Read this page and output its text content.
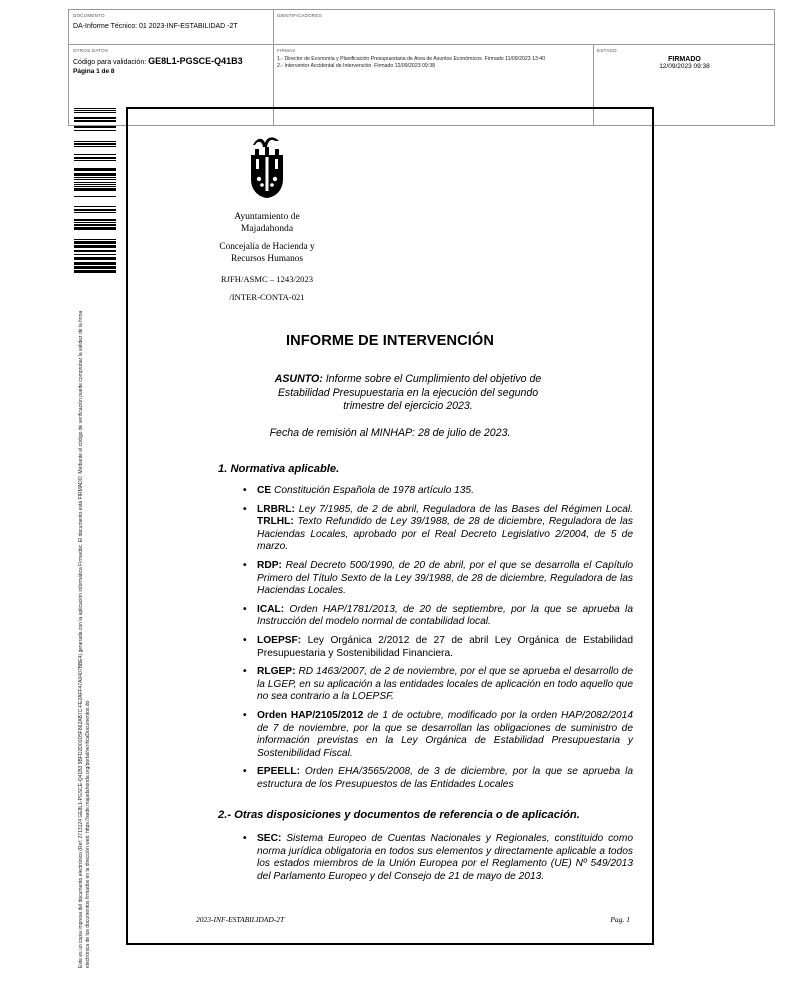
DOCUMENTO
DA-Informe Técnico: 01 2023-INF-ESTABILIDAD -2T
IDENTIFICADORES
OTROS DATOS
Código para validación: GE8L1-PGSCE-Q41B3
Página 1 de 8
FIRMAS
1.- Director de Economía y Planificación Presupuestaria de Area de Asuntos Económicos. Firmado 11/09/2023 13:40
2.- Interventor Accidental de Intervención. Firmado 12/09/2023 09:38
ESTADO
FIRMADO
12/09/2023 09:38
Este es un copia impresa del documento electrónico (Ref: 2713124 GE8L1-PGSCE-Q41B3 9BFD2D01D5F862AB7C-FE2AFF47A0407BBE4) generada con la aplicación informática Firmadoc. El documento está FIRMADO. Mediante el código de verificación puede comprobar la validez de la firma electrónica de los documentos firmados en la dirección web: https://sede.majadahonda.org/portal/verificaDocumentos.do
Ayuntamiento de
Majadahonda
Concejalía de Hacienda y
Recursos Humanos
RJFH/ASMC – 1243/2023
/INTER-CONTA-021
INFORME DE INTERVENCIÓN
ASUNTO: Informe sobre el Cumplimiento del objetivo de Estabilidad Presupuestaria en la ejecución del segundo trimestre del ejercicio 2023.
Fecha de remisión al MINHAP: 28 de julio de 2023.
1. Normativa aplicable.
• CE Constitución Española de 1978 artículo 135.
• LRBRL: Ley 7/1985, de 2 de abril, Reguladora de las Bases del Régimen Local. TRLHL: Texto Refundido de Ley 39/1988, de 28 de diciembre, Reguladora de las Haciendas Locales, aprobado por el Real Decreto Legislativo 2/2004, de 5 de marzo.
• RDP: Real Decreto 500/1990, de 20 de abril, por el que se desarrolla el Capítulo Primero del Título Sexto de la Ley 39/1988, de 28 de diciembre, Reguladora de las Haciendas Locales.
• ICAL: Orden HAP/1781/2013, de 20 de septiembre, por la que se aprueba la Instrucción del modelo normal de contabilidad local.
• LOEPSF: Ley Orgánica 2/2012 de 27 de abril Ley Orgánica de Estabilidad Presupuestaria y Sostenibilidad Financiera.
• RLGEP: RD 1463/2007, de 2 de noviembre, por el que se aprueba el desarrollo de la LGEP, en su aplicación a las entidades locales de aplicación en todo aquello que no sea contrario a la LOEPSF.
• Orden HAP/2105/2012 de 1 de octubre, modificado por la orden HAP/2082/2014 de 7 de noviembre, por la que se desarrollan las obligaciones de suministro de información previstas en la Ley Orgánica de Estabilidad Presupuestaria y Sostenibilidad Fiscal.
• EPEELL: Orden EHA/3565/2008, de 3 de diciembre, por la que se aprueba la estructura de los Presupuestos de las Entidades Locales
2.- Otras disposiciones y documentos de referencia o de aplicación.
• SEC: Sistema Europeo de Cuentas Nacionales y Regionales, constituido como norma jurídica obligatoria en todos sus elementos y directamente aplicable a todos los estados miembros de la Unión Europea por el Reglamento (UE) Nº 549/2013 del Parlamento Europeo y del Consejo de 21 de mayo de 2013.
2023-INF-ESTABILIDAD-2T	Pag. 1
